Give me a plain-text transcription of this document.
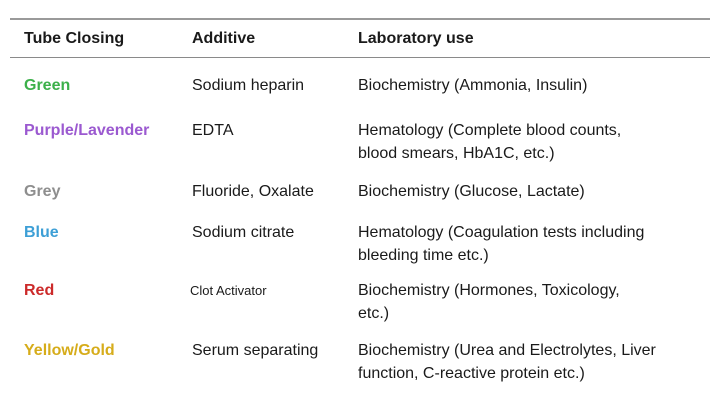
Tube Closing	Additive	Laboratory use
Green	Sodium heparin	Biochemistry (Ammonia, Insulin)
Purple/Lavender	EDTA	Hematology (Complete blood counts,
blood smears, HbA1C, etc.)
Grey	Fluoride, Oxalate	Biochemistry (Glucose, Lactate)
Blue	Sodium citrate	Hematology (Coagulation tests including
bleeding time etc.)
Red	Clot Activator	Biochemistry (Hormones, Toxicology,
etc.)
Yellow/Gold	Serum separating	Biochemistry (Urea and Electrolytes, Liver
function, C-reactive protein etc.)
